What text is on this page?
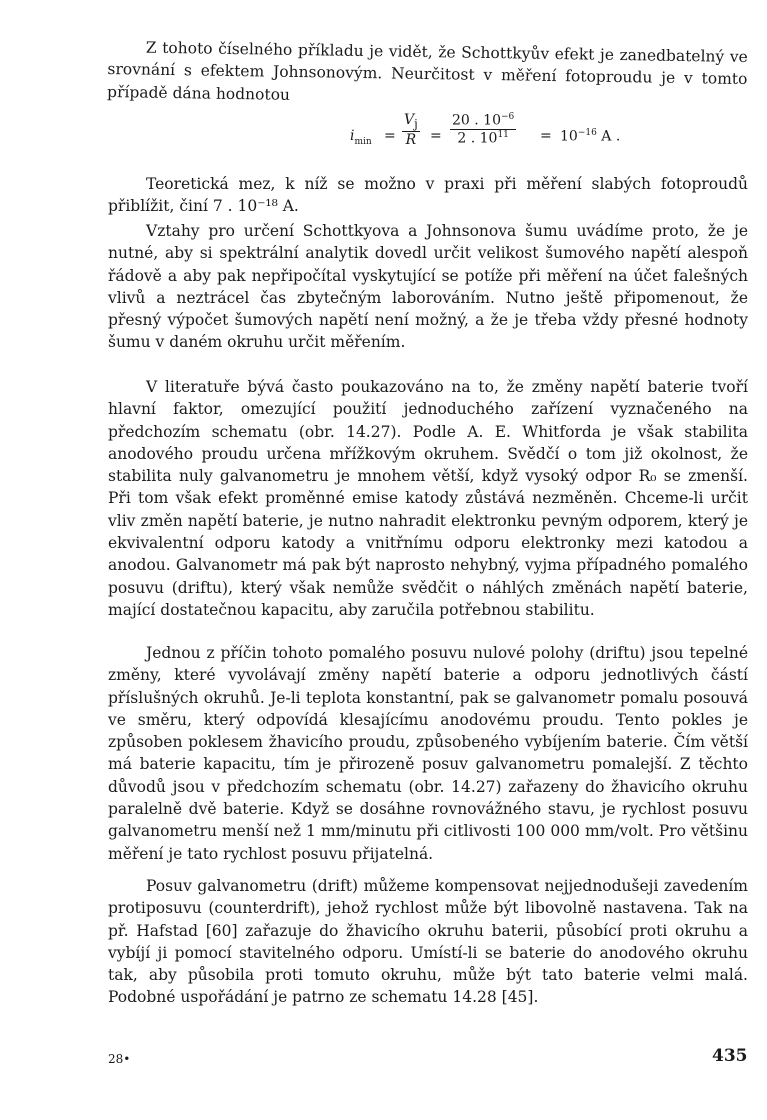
Z tohoto číselného příkladu je vidět, že Schottkyův efekt je zanedbatelný ve srovnání s efektem Johnsonovým. Neurčitost v měření fotoproudu je v tomto případě dána hodnotou

$i_{min} = \frac{V_j}{R} = \frac{20 . 10^{-6}}{2 . 10^{11}} = 10^{-16}$ A .

Teoretická mez, k níž se možno v praxi při měření slabých fotoproudů přiblížit, činí 7 . 10⁻¹⁸ A.

Vztahy pro určení Schottkyova a Johnsonova šumu uvádíme proto, že je nutné, aby si spektrální analytik dovedl určit velikost šumového napětí alespoň řádově a aby pak nepřipočítal vyskytující se potíže při měření na účet falešných vlivů a neztrácel čas zbytečným laborováním. Nutno ještě připomenout, že přesný výpočet šumových napětí není možný, a že je třeba vždy přesné hodnoty šumu v daném okruhu určit měřením.

V literatuře bývá často poukazováno na to, že změny napětí baterie tvoří hlavní faktor, omezující použití jednoduchého zařízení vyznačeného na předchozím schematu (obr. 14.27). Podle A. E. Whitforda je však stabilita anodového proudu určena mřížkovým okruhem. Svědčí o tom již okolnost, že stabilita nuly galvanometru je mnohem větší, když vysoký odpor R₀ se zmenší. Při tom však efekt proměnné emise katody zůstává nezměněn. Chceme-li určit vliv změn napětí baterie, je nutno nahradit elektronku pevným odporem, který je ekvivalentní odporu katody a vnitřnímu odporu elektronky mezi katodou a anodou. Galvanometr má pak být naprosto nehybný, vyjma případného pomalého posuvu (driftu), který však nemůže svědčit o náhlých změnách napětí baterie, mající dostatečnou kapacitu, aby zaručila potřebnou stabilitu.

Jednou z příčin tohoto pomalého posuvu nulové polohy (driftu) jsou tepelné změny, které vyvolávají změny napětí baterie a odporu jednotlivých částí příslušných okruhů. Je-li teplota konstantní, pak se galvanometr pomalu posouvá ve směru, který odpovídá klesajícímu anodovému proudu. Tento pokles je způsoben poklesem žhavicího proudu, způsobeného vybíjením baterie. Čím větší má baterie kapacitu, tím je přirozeně posuv galvanometru pomalejší. Z těchto důvodů jsou v předchozím schematu (obr. 14.27) zařazeny do žhavicího okruhu paralelně dvě baterie. Když se dosáhne rovnovážného stavu, je rychlost posuvu galvanometru menší než 1 mm/minutu při citlivosti 100 000 mm/volt. Pro většinu měření je tato rychlost posuvu přijatelná.

Posuv galvanometru (drift) můžeme kompensovat nejjednodušeji zavedením protiposuvu (counterdrift), jehož rychlost může být libovolně nastavena. Tak na př. Hafstad [60] zařazuje do žhavicího okruhu baterii, působící proti okruhu a vybíjí ji pomocí stavitelného odporu. Umístí-li se baterie do anodového okruhu tak, aby působila proti tomuto okruhu, může být tato baterie velmi malá. Podobné uspořádání je patrno ze schematu 14.28 [45].

28•	435
